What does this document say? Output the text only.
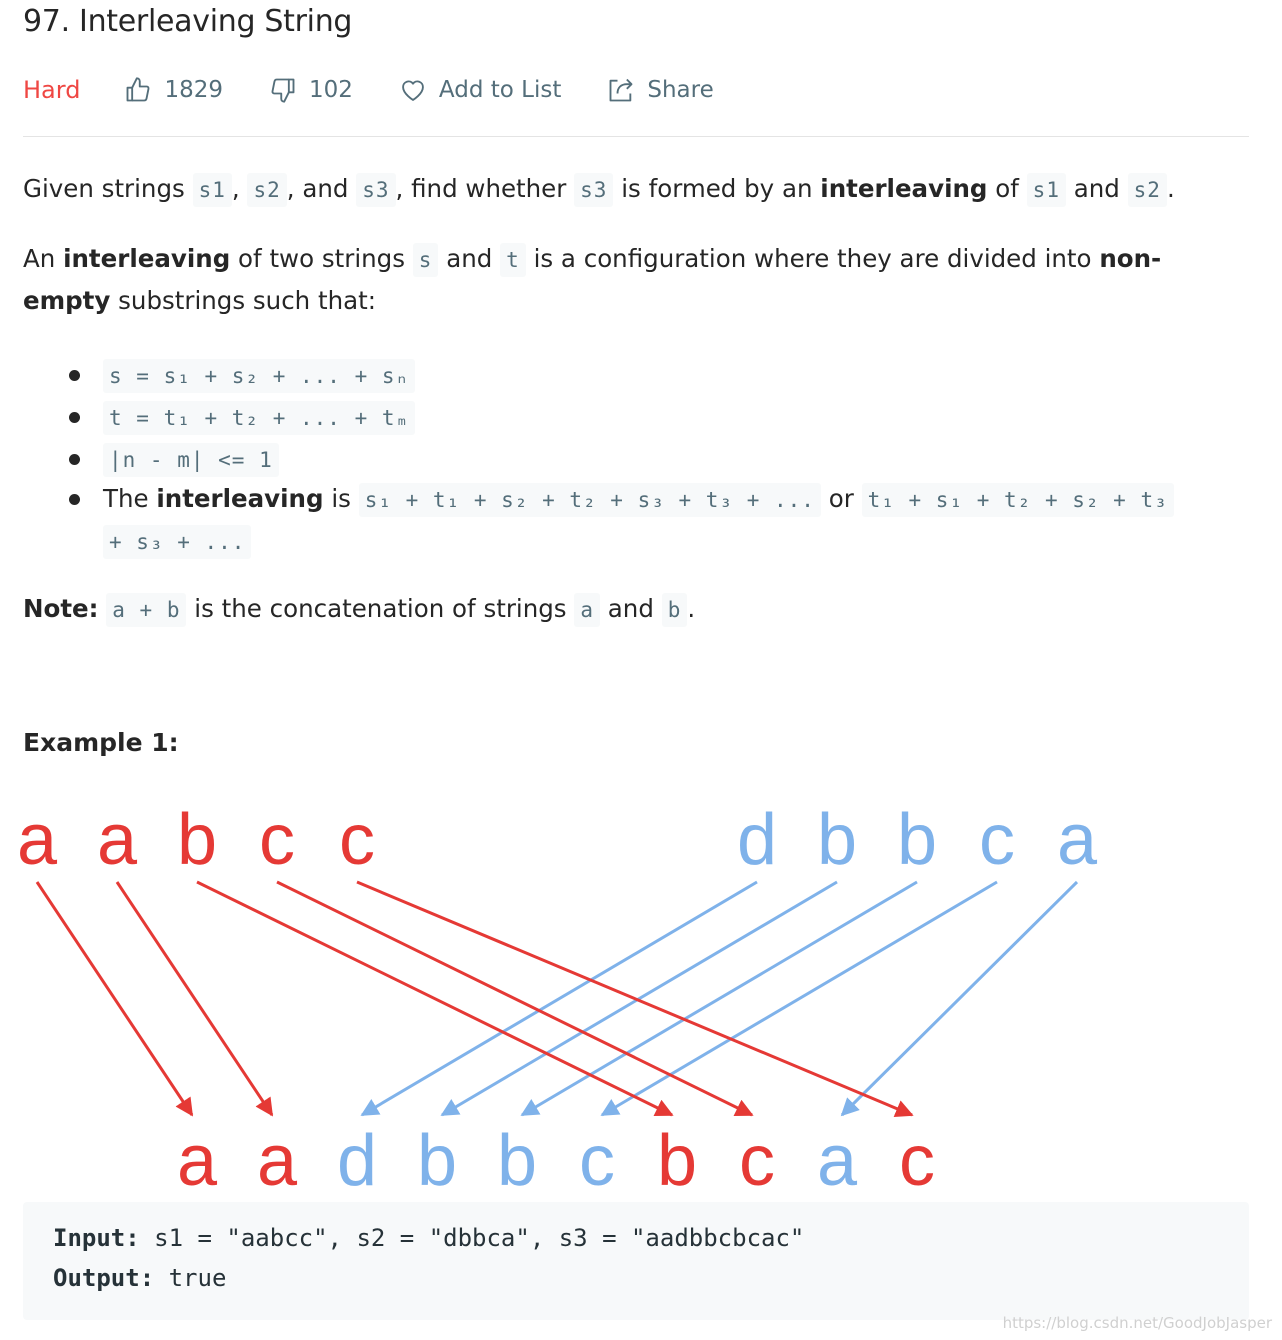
97. Interleaving String
Hard	1829	102	Add to List	Share
Given strings s1 , s2 , and s3 , find whether s3 is formed by an interleaving of s1 and s2 .
An interleaving of two strings s and t is a configuration where they are divided into non-
empty substrings such that:
s = s₁ + s₂ + ... + sₙ
t = t₁ + t₂ + ... + tₘ
|n - m| <= 1
The interleaving is s₁ + t₁ + s₂ + t₂ + s₃ + t₃ + ... or t₁ + s₁ + t₂ + s₂ + t₃
+ s₃ + ...
Note: a + b is the concatenation of strings a and b .
Example 1:
a a b c c	d b b c a
a a d b b c b c a c
Input: s1 = "aabcc", s2 = "dbbca", s3 = "aadbbcbcac"
Output: true
https://blog.csdn.net/GoodJobJasper
